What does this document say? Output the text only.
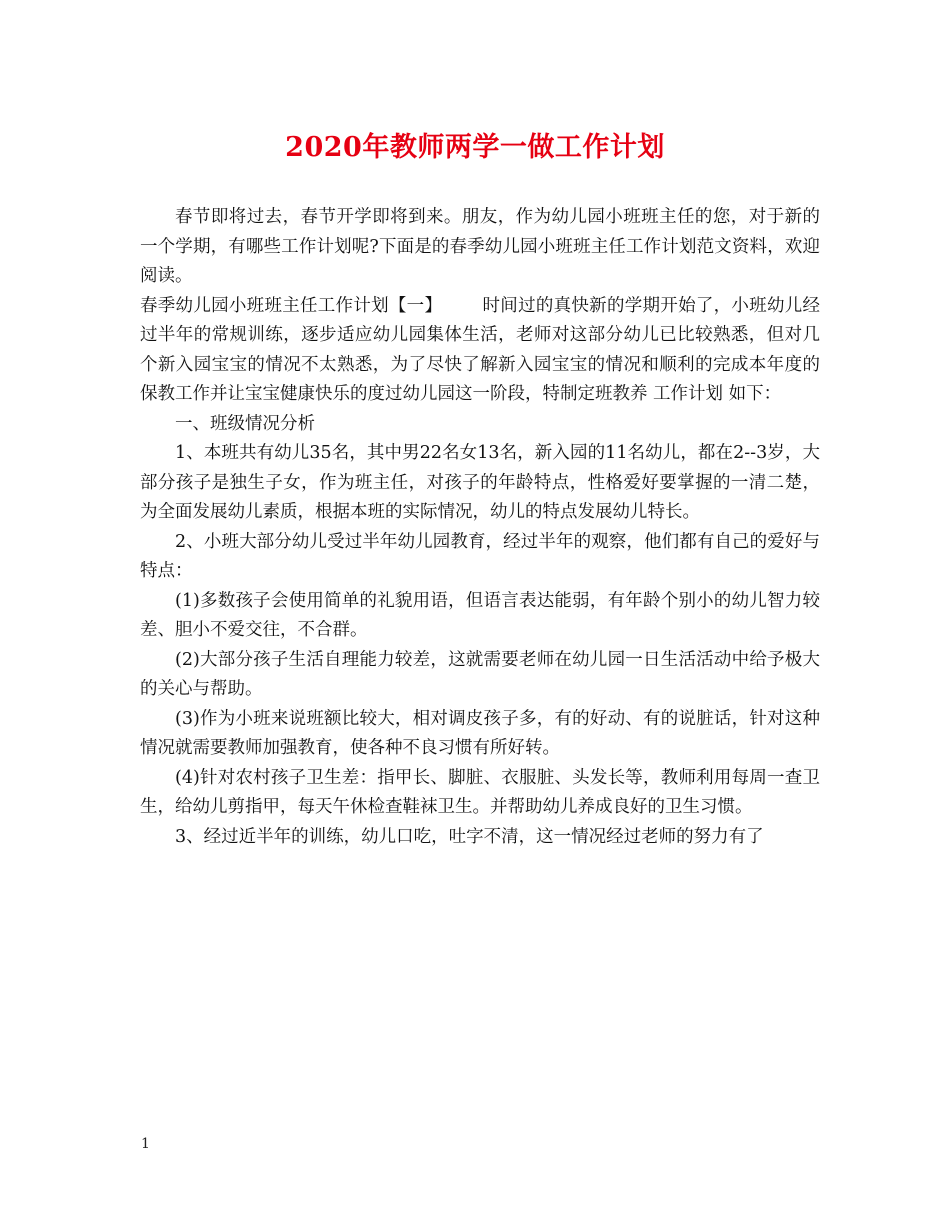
2020年教师两学一做工作计划

春节即将过去，春节开学即将到来。朋友，作为幼儿园小班班主任的您，对于新的一个学期，有哪些工作计划呢?下面是的春季幼儿园小班班主任工作计划范文资料，欢迎阅读。

春季幼儿园小班班主任工作计划【一】 时间过的真快新的学期开始了，小班幼儿经过半年的常规训练，逐步适应幼儿园集体生活，老师对这部分幼儿已比较熟悉，但对几个新入园宝宝的情况不太熟悉，为了尽快了解新入园宝宝的情况和顺利的完成本年度的保教工作并让宝宝健康快乐的度过幼儿园这一阶段，特制定班教养 工作计划 如下：

一、班级情况分析

1、本班共有幼儿35名，其中男22名女13名，新入园的11名幼儿，都在2--3岁，大部分孩子是独生子女，作为班主任，对孩子的年龄特点，性格爱好要掌握的一清二楚，为全面发展幼儿素质，根据本班的实际情况，幼儿的特点发展幼儿特长。

2、小班大部分幼儿受过半年幼儿园教育，经过半年的观察，他们都有自己的爱好与特点：

(1)多数孩子会使用简单的礼貌用语，但语言表达能弱，有年龄个别小的幼儿智力较差、胆小不爱交往，不合群。

(2)大部分孩子生活自理能力较差，这就需要老师在幼儿园一日生活活动中给予极大的关心与帮助。

(3)作为小班来说班额比较大，相对调皮孩子多，有的好动、有的说脏话，针对这种情况就需要教师加强教育，使各种不良习惯有所好转。

(4)针对农村孩子卫生差：指甲长、脚脏、衣服脏、头发长等，教师利用每周一查卫生，给幼儿剪指甲，每天午休检查鞋袜卫生。并帮助幼儿养成良好的卫生习惯。

3、经过近半年的训练，幼儿口吃，吐字不清，这一情况经过老师的努力有了

1
